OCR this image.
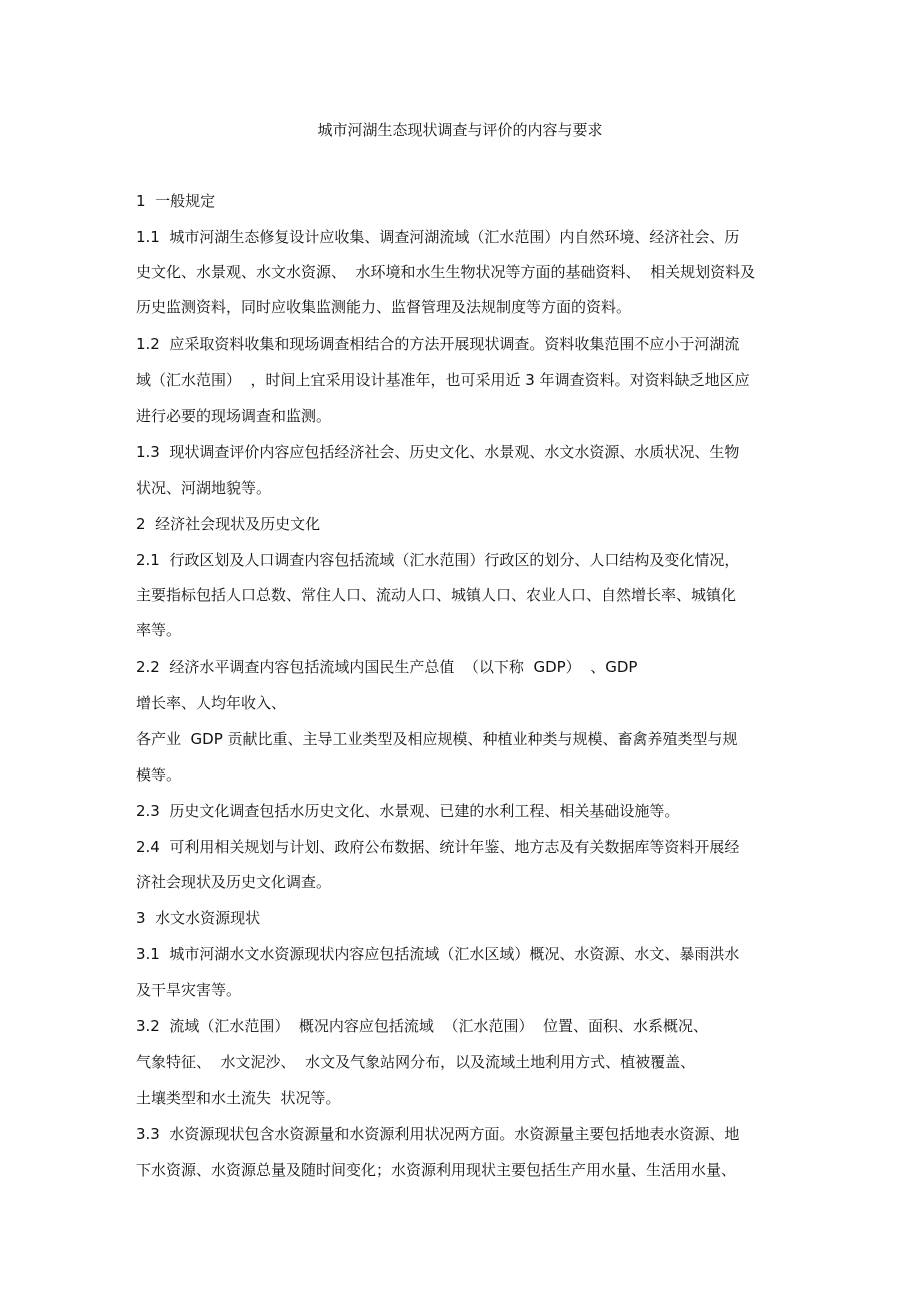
城市河湖生态现状调查与评价的内容与要求
1  一般规定
1.1  城市河湖生态修复设计应收集、调查河湖流域（汇水范围）内自然环境、经济社会、历
史文化、水景观、水文水资源、  水环境和水生生物状况等方面的基础资料、  相关规划资料及
历史监测资料，同时应收集监测能力、监督管理及法规制度等方面的资料。
1.2  应采取资料收集和现场调查相结合的方法开展现状调查。资料收集范围不应小于河湖流
域（汇水范围）  ，时间上宜采用设计基准年，也可采用近 3 年调查资料。对资料缺乏地区应
进行必要的现场调查和监测。
1.3  现状调查评价内容应包括经济社会、历史文化、水景观、水文水资源、水质状况、生物
状况、河湖地貌等。
2  经济社会现状及历史文化
2.1  行政区划及人口调查内容包括流域（汇水范围）行政区的划分、人口结构及变化情况，
主要指标包括人口总数、常住人口、流动人口、城镇人口、农业人口、自然增长率、城镇化
率等。
2.2  经济水平调查内容包括流域内国民生产总值  （以下称  GDP）  、GDP
增长率、人均年收入、
各产业  GDP 贡献比重、主导工业类型及相应规模、种植业种类与规模、畜禽养殖类型与规
模等。
2.3  历史文化调查包括水历史文化、水景观、已建的水利工程、相关基础设施等。
2.4  可利用相关规划与计划、政府公布数据、统计年鉴、地方志及有关数据库等资料开展经
济社会现状及历史文化调查。
3  水文水资源现状
3.1  城市河湖水文水资源现状内容应包括流域（汇水区域）概况、水资源、水文、暴雨洪水
及干旱灾害等。
3.2  流域（汇水范围）  概况内容应包括流域  （汇水范围）  位置、面积、水系概况、
气象特征、  水文泥沙、  水文及气象站网分布，以及流域土地利用方式、植被覆盖、
土壤类型和水土流失  状况等。
3.3  水资源现状包含水资源量和水资源利用状况两方面。水资源量主要包括地表水资源、地
下水资源、水资源总量及随时间变化；水资源利用现状主要包括生产用水量、生活用水量、
